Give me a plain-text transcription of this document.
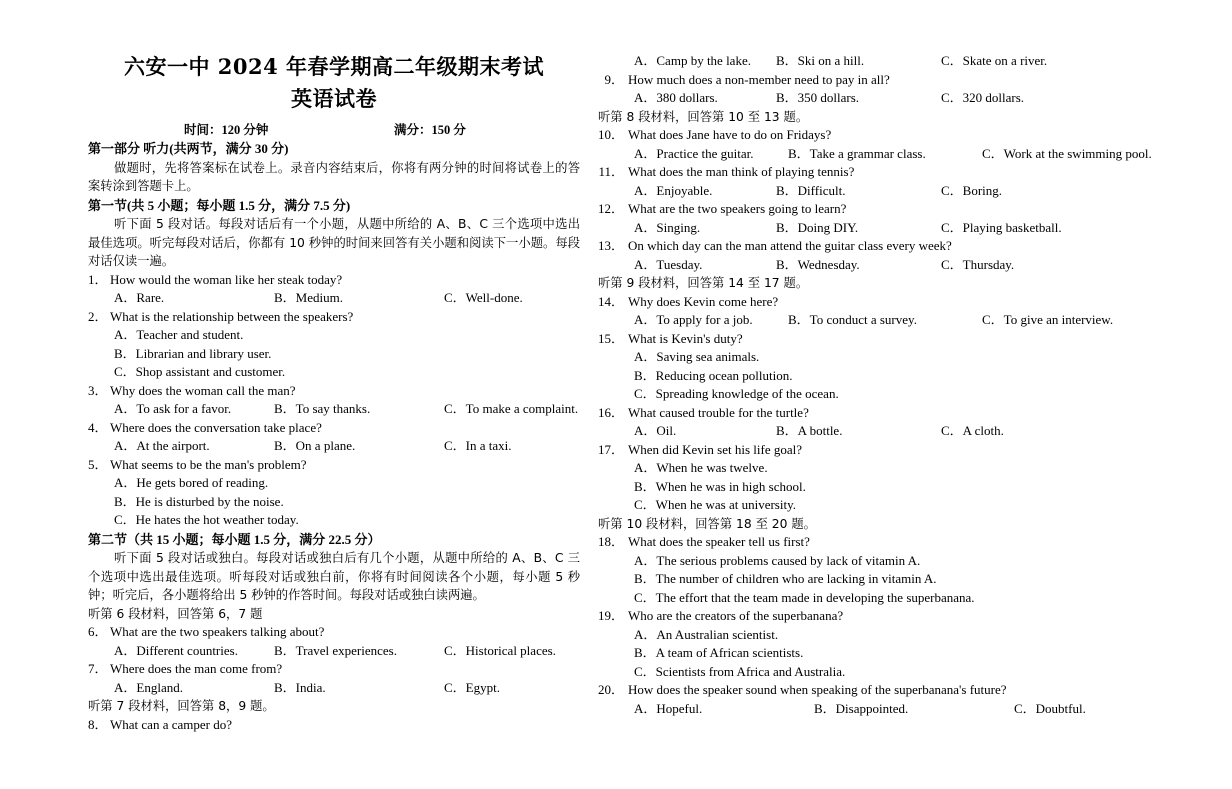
六安一中 2024 年春学期高二年级期末考试
英语试卷
时间：120 分钟	满分：150 分
第一部分 听力(共两节，满分 30 分)
做题时，先将答案标在试卷上。录音内容结束后，你将有两分钟的时间将试卷上的答案转涂到答题卡上。
第一节(共 5 小题；每小题 1.5 分，满分 7.5 分)
听下面 5 段对话。每段对话后有一个小题，从题中所给的 A、B、C 三个选项中选出最佳选项。听完每段对话后，你都有 10 秒钟的时间来回答有关小题和阅读下一小题。每段对话仅读一遍。
1． How would the woman like her steak today?
A．Rare.	B．Medium.	C．Well-done.
2． What is the relationship between the speakers?
A．Teacher and student.
B．Librarian and library user.
C．Shop assistant and customer.
3． Why does the woman call the man?
A．To ask for a favor.	B．To say thanks.	C．To make a complaint.
4． Where does the conversation take place?
A．At the airport.	B．On a plane.	C．In a taxi.
5． What seems to be the man's problem?
A．He gets bored of reading.
B．He is disturbed by the noise.
C．He hates the hot weather today.
第二节（共 15 小题；每小题 1.5 分，满分 22.5 分）
听下面 5 段对话或独白。每段对话或独白后有几个小题，从题中所给的 A、B、C 三个选项中选出最佳选项。听每段对话或独白前，你将有时间阅读各个小题，每小题 5 秒钟；听完后，各小题将给出 5 秒钟的作答时间。每段对话或独白读两遍。
听第 6 段材料，回答第 6，7 题
6． What are the two speakers talking about?
A．Different countries.	B．Travel experiences.	C．Historical places.
7． Where does the man come from?
A．England.	B．India.	C．Egypt.
听第 7 段材料，回答第 8，9 题。
8． What can a camper do?
A．Camp by the lake.	B．Ski on a hill.	C．Skate on a river.
9． How much does a non-member need to pay in all?
A．380 dollars.	B．350 dollars.	C．320 dollars.
听第 8 段材料，回答第 10 至 13 题。
10． What does Jane have to do on Fridays?
A．Practice the guitar.	B．Take a grammar class.	C．Work at the swimming pool.
11． What does the man think of playing tennis?
A．Enjoyable.	B．Difficult.	C．Boring.
12． What are the two speakers going to learn?
A．Singing.	B．Doing DIY.	C．Playing basketball.
13． On which day can the man attend the guitar class every week?
A．Tuesday.	B．Wednesday.	C．Thursday.
听第 9 段材料，回答第 14 至 17 题。
14． Why does Kevin come here?
A．To apply for a job.	B．To conduct a survey.	C．To give an interview.
15． What is Kevin's duty?
A．Saving sea animals.
B．Reducing ocean pollution.
C．Spreading knowledge of the ocean.
16． What caused trouble for the turtle?
A．Oil.	B．A bottle.	C．A cloth.
17． When did Kevin set his life goal?
A．When he was twelve.
B．When he was in high school.
C．When he was at university.
听第 10 段材料，回答第 18 至 20 题。
18． What does the speaker tell us first?
A．The serious problems caused by lack of vitamin A.
B．The number of children who are lacking in vitamin A.
C．The effort that the team made in developing the superbanana.
19． Who are the creators of the superbanana?
A．An Australian scientist.
B．A team of African scientists.
C．Scientists from Africa and Australia.
20． How does the speaker sound when speaking of the superbanana's future?
A．Hopeful.	B．Disappointed.	C．Doubtful.
